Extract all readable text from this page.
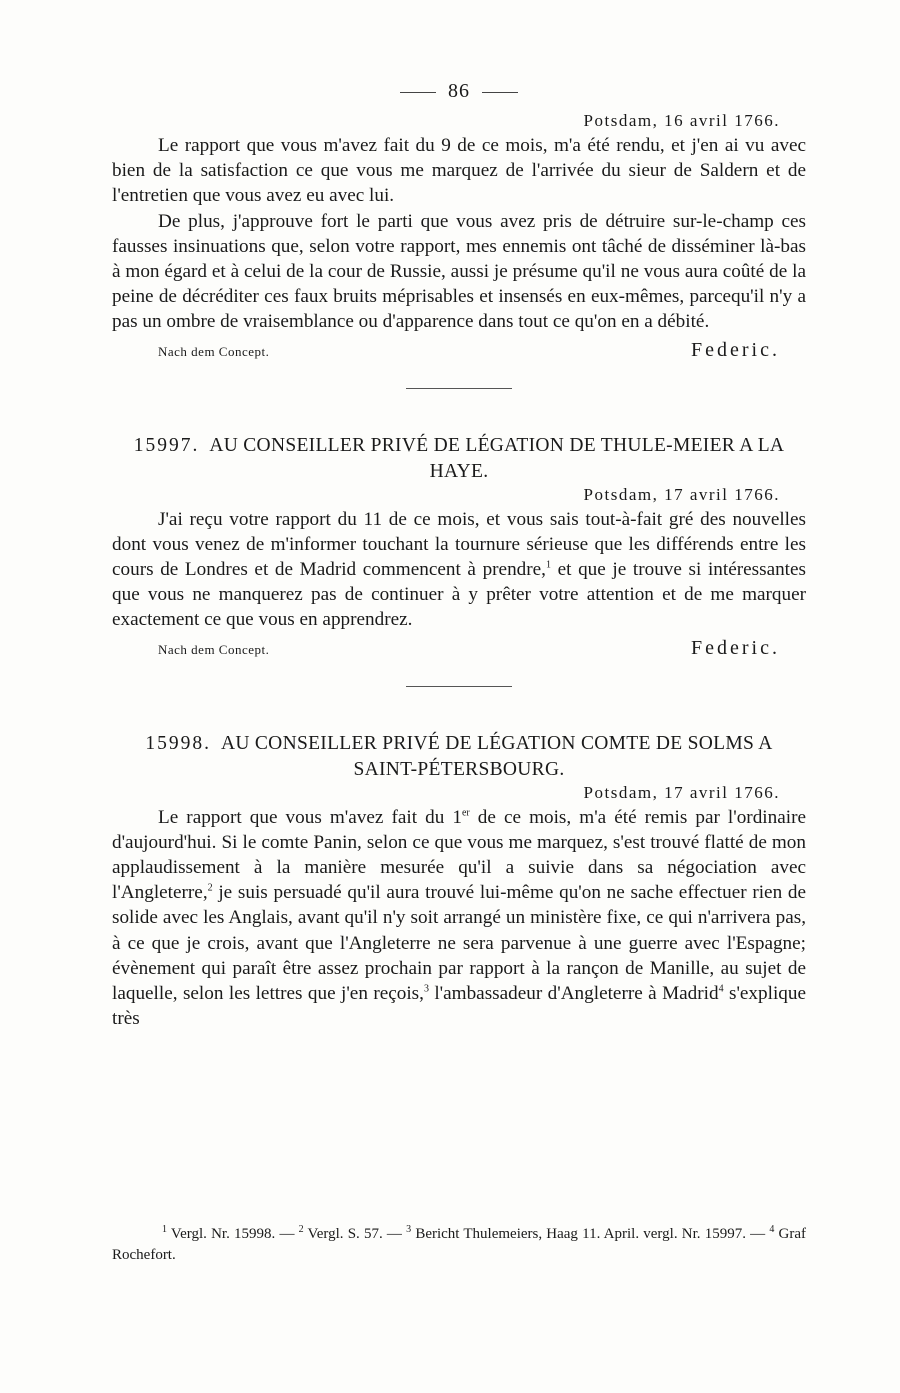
86
Potsdam, 16 avril 1766.

Le rapport que vous m'avez fait du 9 de ce mois, m'a été rendu, et j'en ai vu avec bien de la satisfaction ce que vous me marquez de l'arrivée du sieur de Saldern et de l'entretien que vous avez eu avec lui.

De plus, j'approuve fort le parti que vous avez pris de détruire sur-le-champ ces fausses insinuations que, selon votre rapport, mes ennemis ont tâché de disséminer là-bas à mon égard et à celui de la cour de Russie, aussi je présume qu'il ne vous aura coûté de la peine de décréditer ces faux bruits méprisables et insensés en eux-mêmes, parcequ'il n'y a pas un ombre de vraisemblance ou d'apparence dans tout ce qu'on en a débité.

Nach dem Concept.	Federic.
15997. AU CONSEILLER PRIVÉ DE LÉGATION DE THULE-MEIER A LA HAYE.
Potsdam, 17 avril 1766.

J'ai reçu votre rapport du 11 de ce mois, et vous sais tout-à-fait gré des nouvelles dont vous venez de m'informer touchant la tournure sérieuse que les différends entre les cours de Londres et de Madrid commencent à prendre,$^1$ et que je trouve si intéressantes que vous ne manquerez pas de continuer à y prêter votre attention et de me marquer exactement ce que vous en apprendrez.

Nach dem Concept.	Federic.
15998. AU CONSEILLER PRIVÉ DE LÉGATION COMTE DE SOLMS A SAINT-PÉTERSBOURG.
Potsdam, 17 avril 1766.

Le rapport que vous m'avez fait du 1er de ce mois, m'a été remis par l'ordinaire d'aujourd'hui. Si le comte Panin, selon ce que vous me marquez, s'est trouvé flatté de mon applaudissement à la manière mesurée qu'il a suivie dans sa négociation avec l'Angleterre,$^2$ je suis persuadé qu'il aura trouvé lui-même qu'on ne sache effectuer rien de solide avec les Anglais, avant qu'il n'y soit arrangé un ministère fixe, ce qui n'arrivera pas, à ce que je crois, avant que l'Angleterre ne sera parvenue à une guerre avec l'Espagne; évènement qui paraît être assez prochain par rapport à la rançon de Manille, au sujet de laquelle, selon les lettres que j'en reçois,$^3$ l'ambassadeur d'Angleterre à Madrid$^4$ s'explique très

$^1$ Vergl. Nr. 15998. — $^2$ Vergl. S. 57. — $^3$ Bericht Thulemeiers, Haag 11. April. vergl. Nr. 15997. — $^4$ Graf Rochefort.
